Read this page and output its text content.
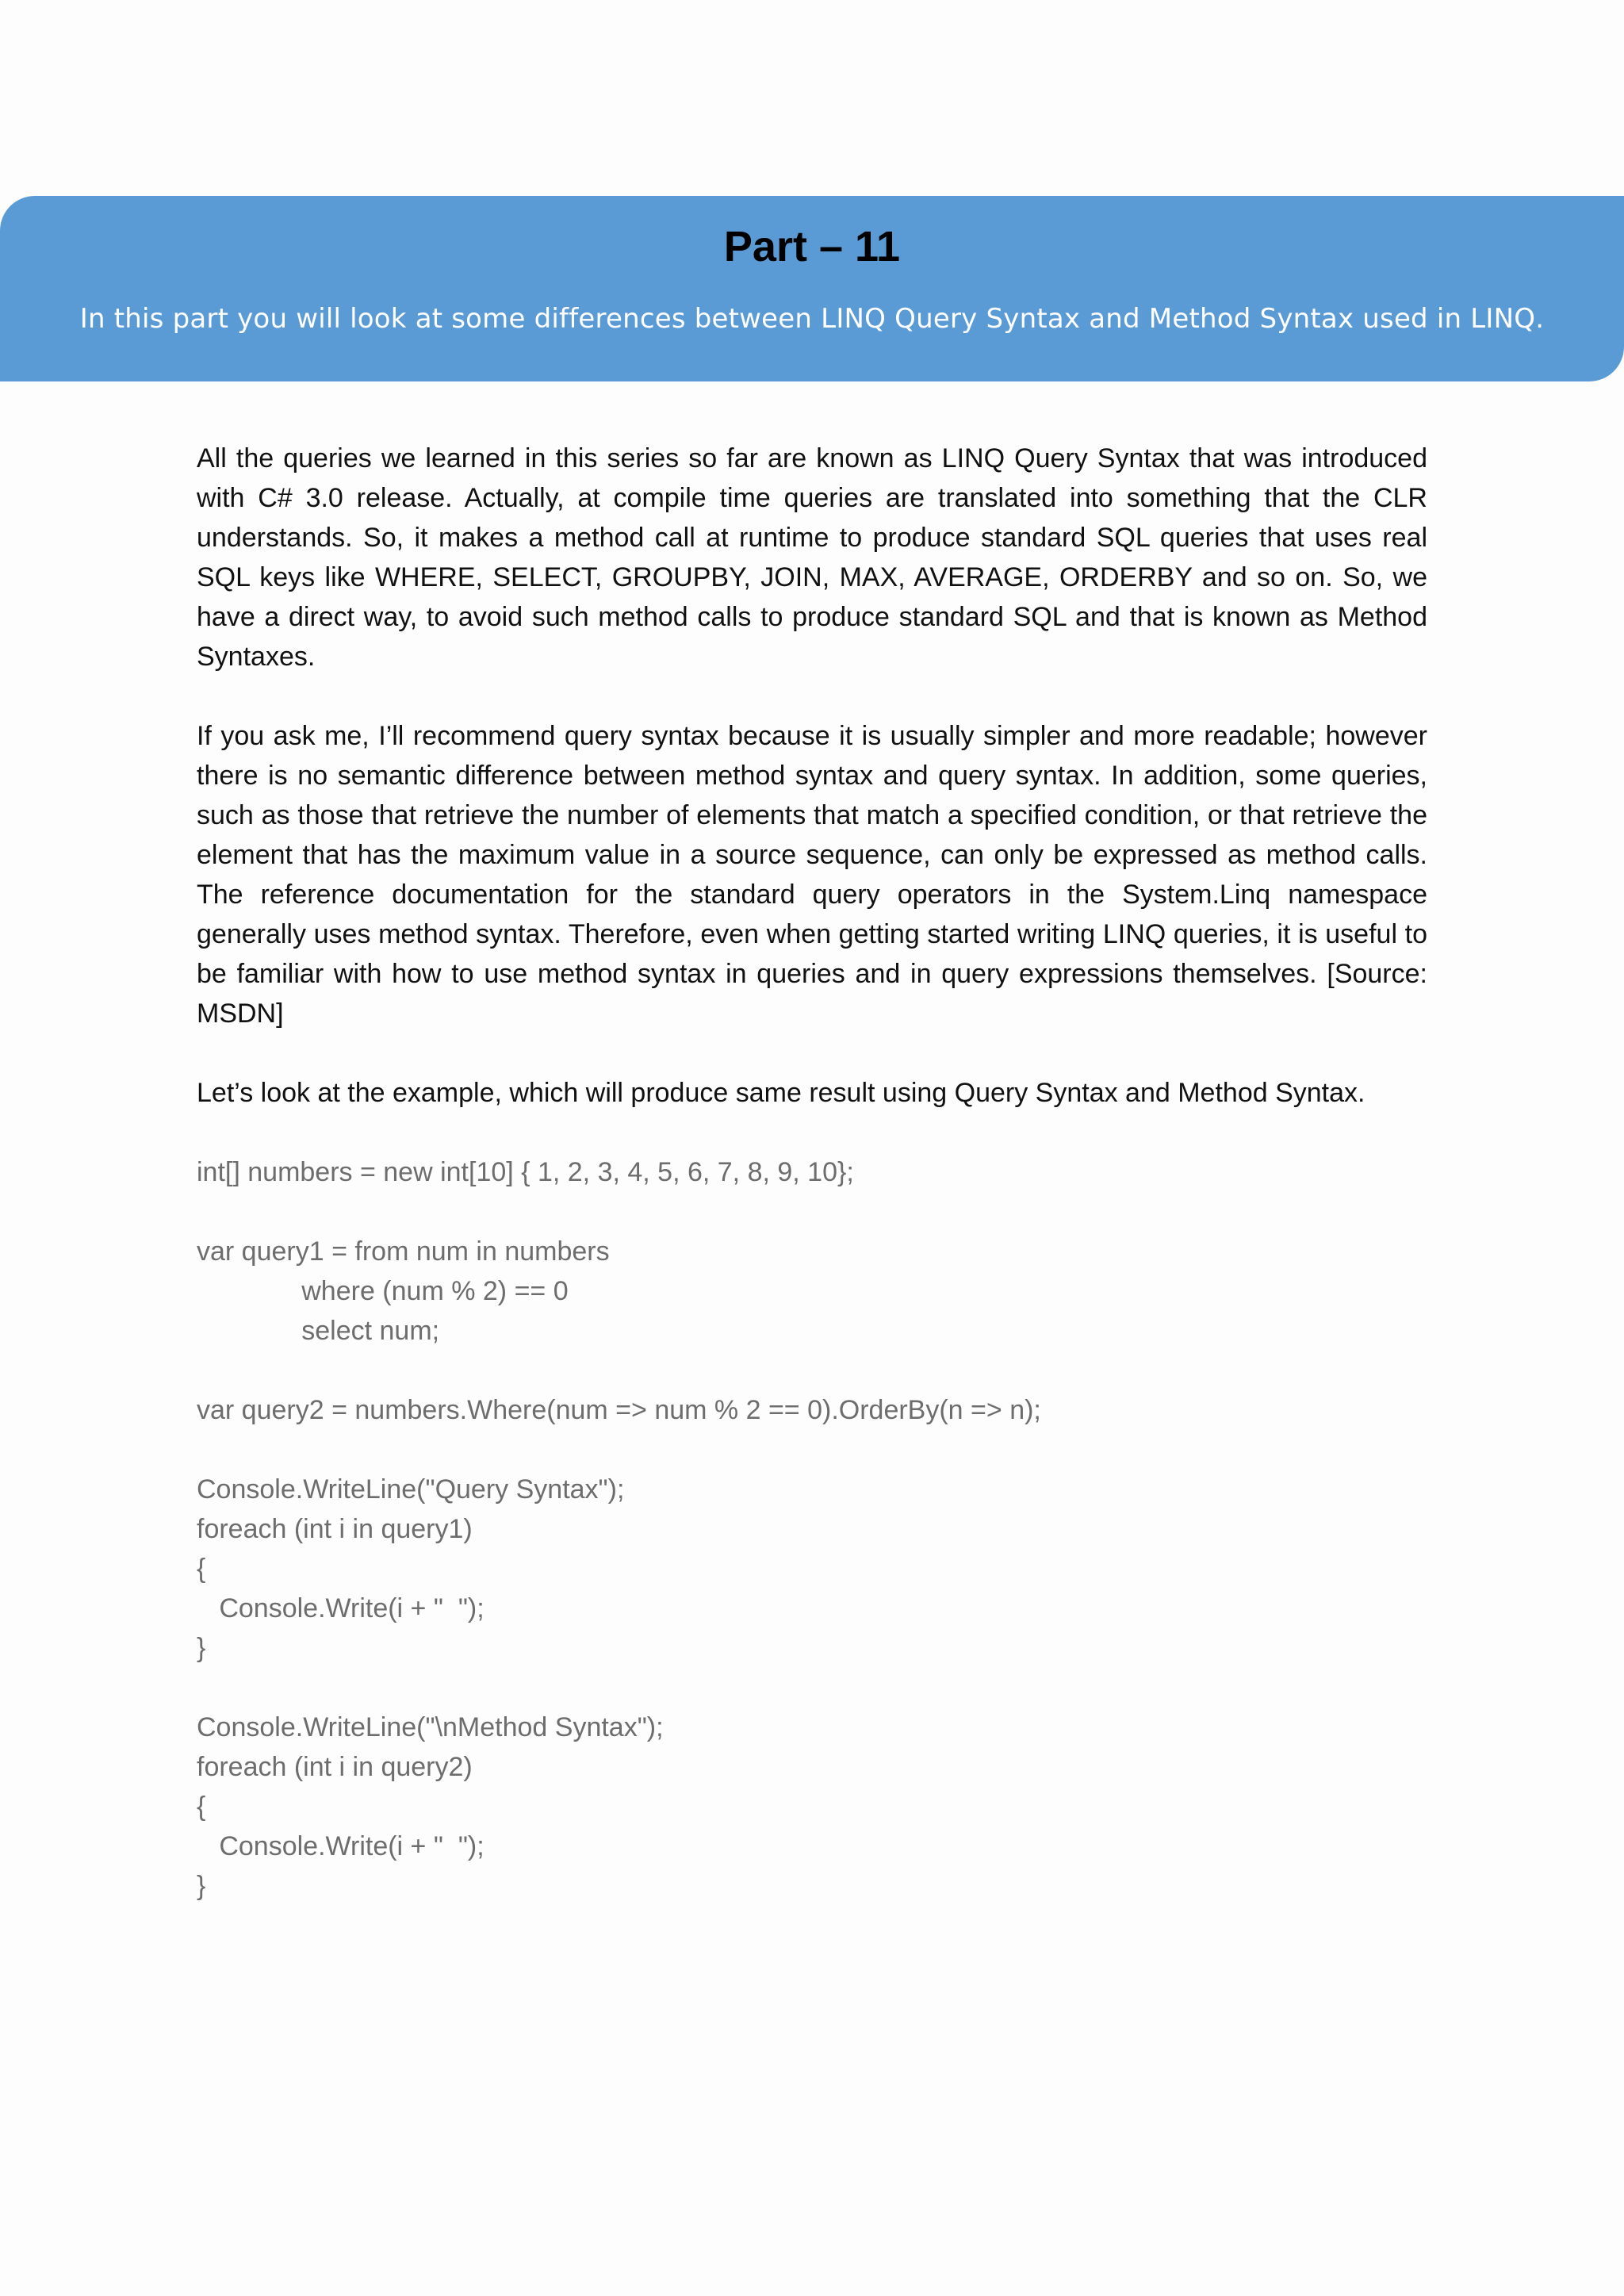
Part – 11
In this part you will look at some differences between LINQ Query Syntax and Method Syntax used in LINQ.

All the queries we learned in this series so far are known as LINQ Query Syntax that was introduced with C# 3.0 release. Actually, at compile time queries are translated into something that the CLR understands. So, it makes a method call at runtime to produce standard SQL queries that uses real SQL keys like WHERE, SELECT, GROUPBY, JOIN, MAX, AVERAGE, ORDERBY and so on. So, we have a direct way, to avoid such method calls to produce standard SQL and that is known as Method Syntaxes.

If you ask me, I’ll recommend query syntax because it is usually simpler and more readable; however there is no semantic difference between method syntax and query syntax. In addition, some queries, such as those that retrieve the number of elements that match a specified condition, or that retrieve the element that has the maximum value in a source sequence, can only be expressed as method calls. The reference documentation for the standard query operators in the System.Linq namespace generally uses method syntax. Therefore, even when getting started writing LINQ queries, it is useful to be familiar with how to use method syntax in queries and in query expressions themselves. [Source: MSDN]

Let’s look at the example, which will produce same result using Query Syntax and Method Syntax.

int[] numbers = new int[10] { 1, 2, 3, 4, 5, 6, 7, 8, 9, 10};
var query1 = from num in numbers
where (num % 2) == 0
select num;
var query2 = numbers.Where(num => num % 2 == 0).OrderBy(n => n);
Console.WriteLine("Query Syntax");
foreach (int i in query1)
{
Console.Write(i + "  ");
}
Console.WriteLine("\nMethod Syntax");
foreach (int i in query2)
{
Console.Write(i + "  ");
}
